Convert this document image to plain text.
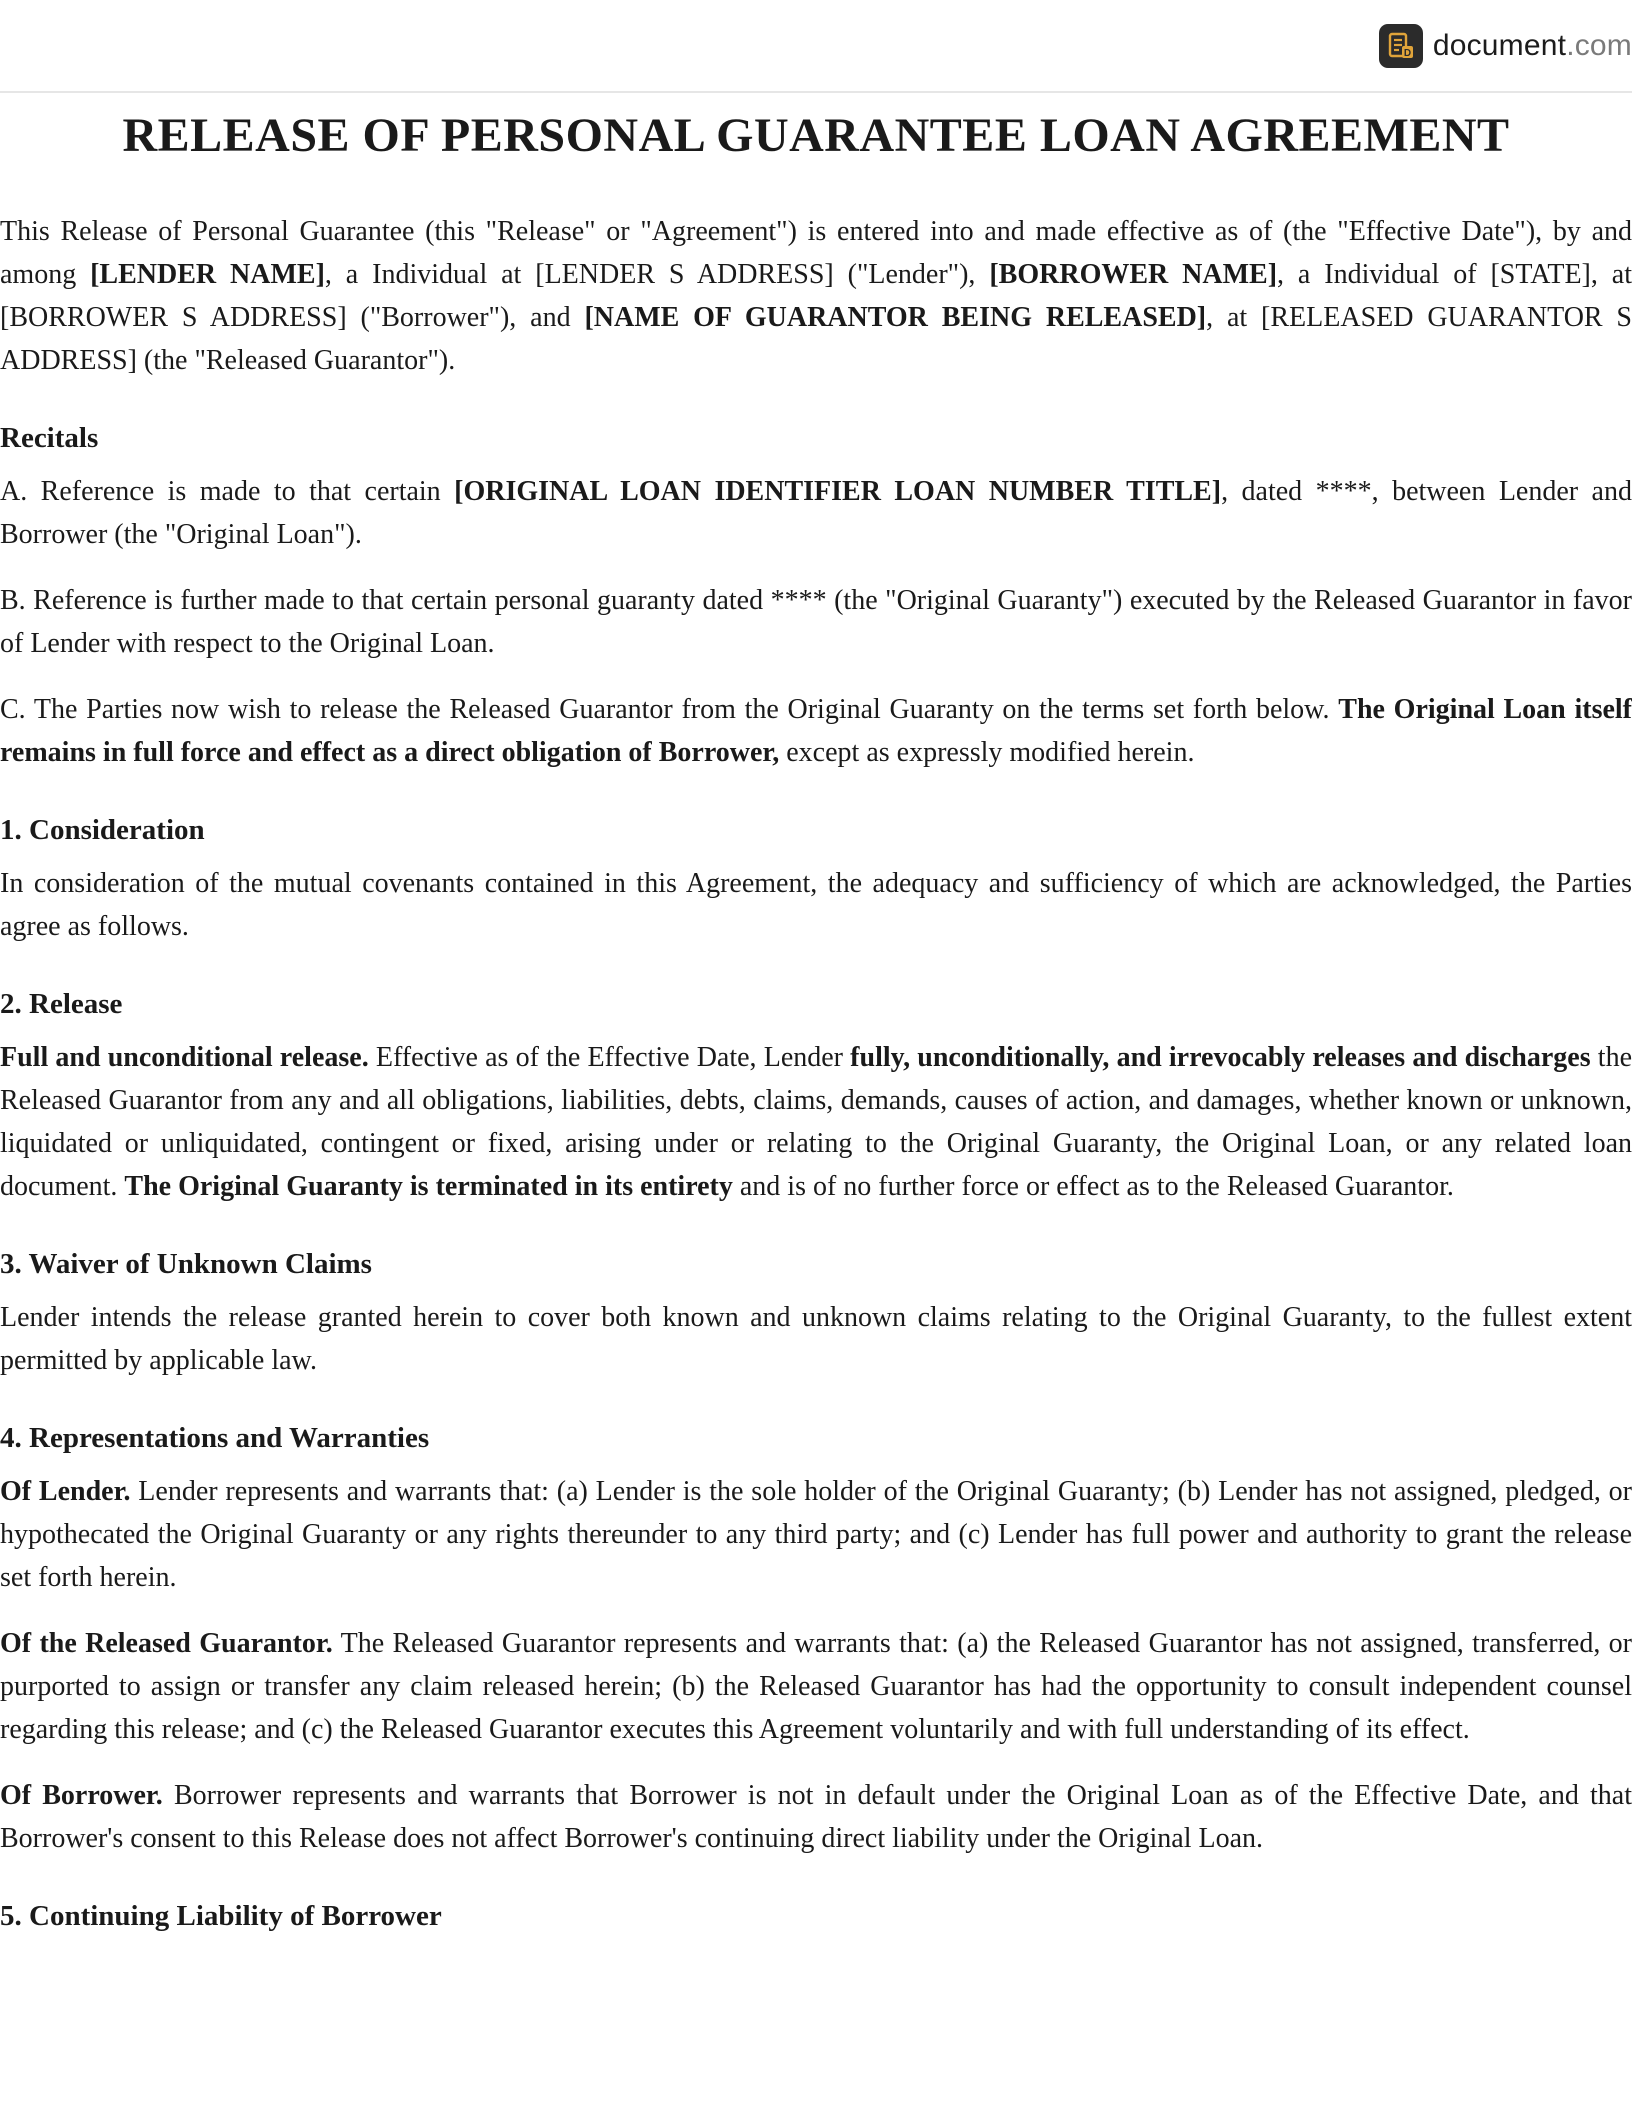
D document.com
RELEASE OF PERSONAL GUARANTEE LOAN AGREEMENT

This Release of Personal Guarantee (this "Release" or "Agreement") is entered into and made effective as of (the "Effective Date"), by and among [LENDER NAME], a Individual at [LENDER S ADDRESS] ("Lender"), [BORROWER NAME], a Individual of [STATE], at [BORROWER S ADDRESS] ("Borrower"), and [NAME OF GUARANTOR BEING RELEASED], at [RELEASED GUARANTOR S ADDRESS] (the "Released Guarantor").

Recitals

A. Reference is made to that certain [ORIGINAL LOAN IDENTIFIER LOAN NUMBER TITLE], dated ****, between Lender and Borrower (the "Original Loan").

B. Reference is further made to that certain personal guaranty dated **** (the "Original Guaranty") executed by the Released Guarantor in favor of Lender with respect to the Original Loan.

C. The Parties now wish to release the Released Guarantor from the Original Guaranty on the terms set forth below. The Original Loan itself remains in full force and effect as a direct obligation of Borrower, except as expressly modified herein.

1. Consideration

In consideration of the mutual covenants contained in this Agreement, the adequacy and sufficiency of which are acknowledged, the Parties agree as follows.

2. Release

Full and unconditional release. Effective as of the Effective Date, Lender fully, unconditionally, and irrevocably releases and discharges the Released Guarantor from any and all obligations, liabilities, debts, claims, demands, causes of action, and damages, whether known or unknown, liquidated or unliquidated, contingent or fixed, arising under or relating to the Original Guaranty, the Original Loan, or any related loan document. The Original Guaranty is terminated in its entirety and is of no further force or effect as to the Released Guarantor.

3. Waiver of Unknown Claims

Lender intends the release granted herein to cover both known and unknown claims relating to the Original Guaranty, to the fullest extent permitted by applicable law.

4. Representations and Warranties

Of Lender. Lender represents and warrants that: (a) Lender is the sole holder of the Original Guaranty; (b) Lender has not assigned, pledged, or hypothecated the Original Guaranty or any rights thereunder to any third party; and (c) Lender has full power and authority to grant the release set forth herein.

Of the Released Guarantor. The Released Guarantor represents and warrants that: (a) the Released Guarantor has not assigned, transferred, or purported to assign or transfer any claim released herein; (b) the Released Guarantor has had the opportunity to consult independent counsel regarding this release; and (c) the Released Guarantor executes this Agreement voluntarily and with full understanding of its effect.

Of Borrower. Borrower represents and warrants that Borrower is not in default under the Original Loan as of the Effective Date, and that Borrower's consent to this Release does not affect Borrower's continuing direct liability under the Original Loan.

5. Continuing Liability of Borrower
